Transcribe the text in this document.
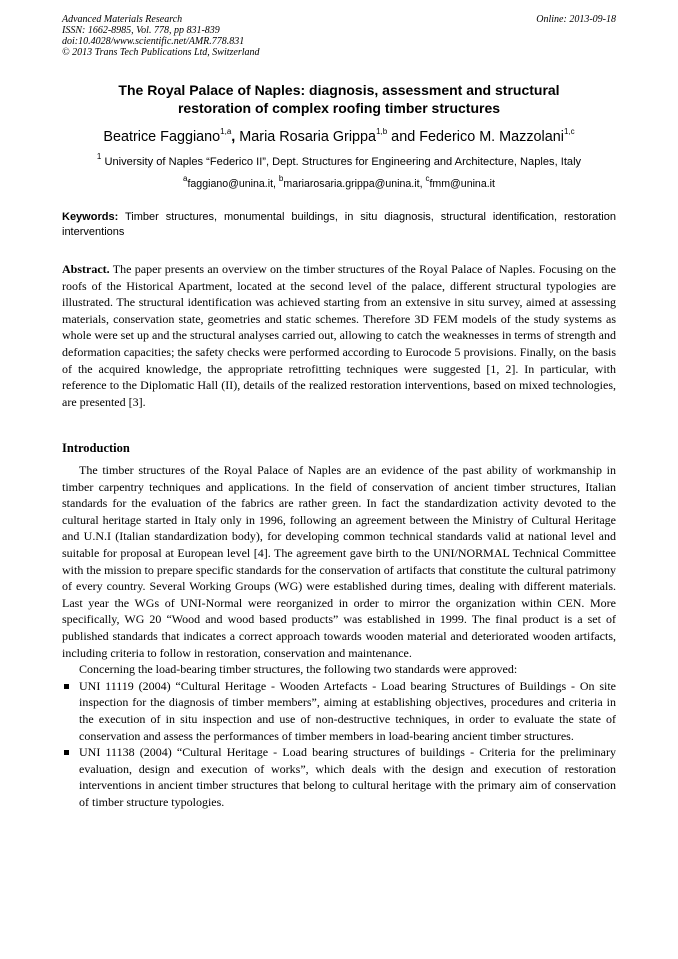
Advanced Materials Research
ISSN: 1662-8985, Vol. 778, pp 831-839
doi:10.4028/www.scientific.net/AMR.778.831
© 2013 Trans Tech Publications Ltd, Switzerland
Online: 2013-09-18
The Royal Palace of Naples: diagnosis, assessment and structural
restoration of complex roofing timber structures
Beatrice Faggiano$^{1,a}$, Maria Rosaria Grippa$^{1,b}$ and Federico M. Mazzolani$^{1,c}$
$^1$ University of Naples “Federico II”, Dept. Structures for Engineering and Architecture, Naples, Italy
$^a$faggiano@unina.it, $^b$mariarosaria.grippa@unina.it, $^c$fmm@unina.it
Keywords: Timber structures, monumental buildings, in situ diagnosis, structural identification, restoration interventions
Abstract. The paper presents an overview on the timber structures of the Royal Palace of Naples. Focusing on the roofs of the Historical Apartment, located at the second level of the palace, different structural typologies are illustrated. The structural identification was achieved starting from an extensive in situ survey, aimed at assessing materials, conservation state, geometries and static schemes. Therefore 3D FEM models of the study systems as whole were set up and the structural analyses carried out, allowing to catch the weaknesses in terms of strength and deformation capacities; the safety checks were performed according to Eurocode 5 provisions. Finally, on the basis of the acquired knowledge, the appropriate retrofitting techniques were suggested [1, 2]. In particular, with reference to the Diplomatic Hall (II), details of the realized restoration interventions, based on mixed technologies, are presented [3].
Introduction

The timber structures of the Royal Palace of Naples are an evidence of the past ability of workmanship in timber carpentry techniques and applications. In the field of conservation of ancient timber structures, Italian standards for the evaluation of the fabrics are rather green. In fact the standardization activity devoted to the cultural heritage started in Italy only in 1996, following an agreement between the Ministry of Cultural Heritage and U.N.I (Italian standardization body), for developing common technical standards valid at national level and suitable for proposal at European level [4]. The agreement gave birth to the UNI/NORMAL Technical Committee with the mission to prepare specific standards for the conservation of artifacts that constitute the cultural patrimony of every country. Several Working Groups (WG) were established during times, dealing with different materials. Last year the WGs of UNI-Normal were reorganized in order to mirror the organization within CEN. More specifically, WG 20 “Wood and wood based products” was established in 1999. The final product is a set of published standards that indicates a correct approach towards wooden material and deteriorated wooden artifacts, including criteria to follow in restoration, conservation and maintenance.

Concerning the load-bearing timber structures, the following two standards were approved:

UNI 11119 (2004) “Cultural Heritage - Wooden Artefacts - Load bearing Structures of Buildings - On site inspection for the diagnosis of timber members”, aiming at establishing objectives, procedures and criteria in the execution of in situ inspection and use of non-destructive techniques, in order to evaluate the state of conservation and assess the performances of timber members in load-bearing ancient timber structures.
UNI 11138 (2004) “Cultural Heritage - Load bearing structures of buildings - Criteria for the preliminary evaluation, design and execution of works”, which deals with the design and execution of restoration interventions in ancient timber structures that belong to cultural heritage with the primary aim of conservation of timber structure typologies.
